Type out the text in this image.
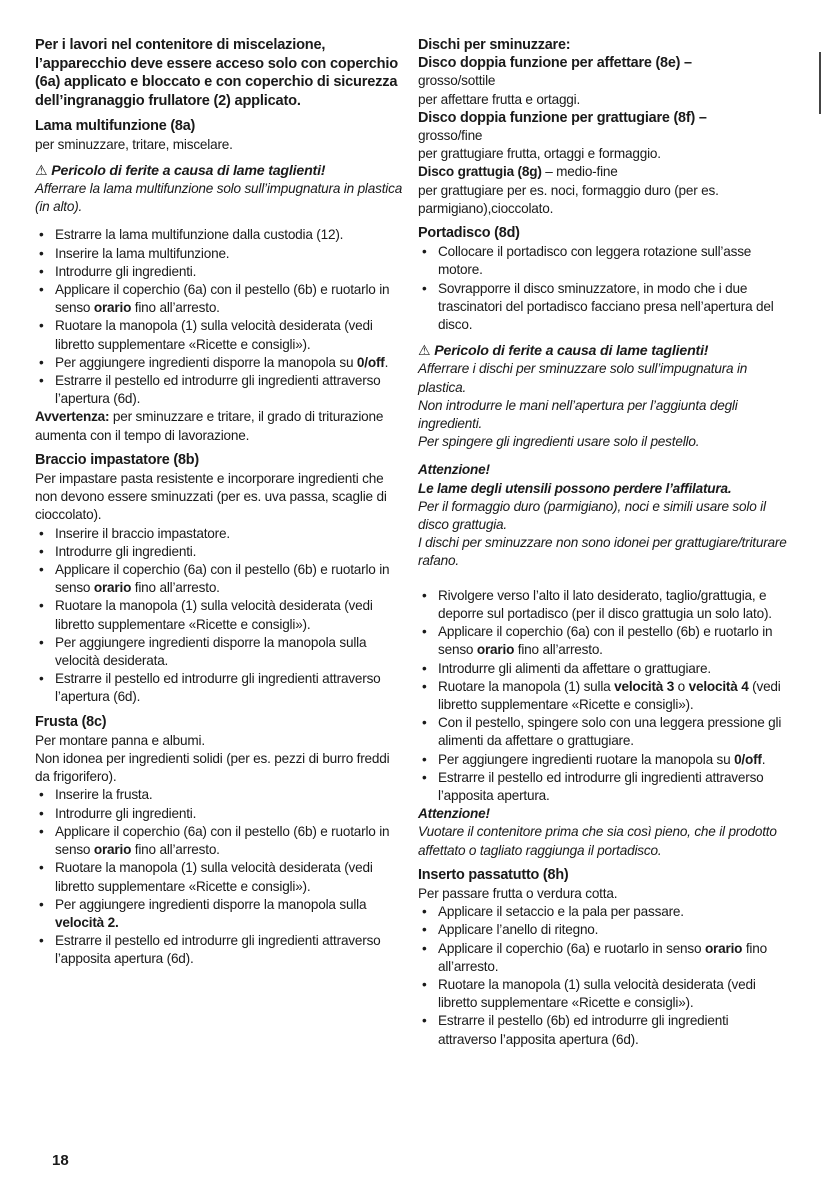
Per i lavori nel contenitore di miscelazione, l’apparecchio deve essere acceso solo con coperchio (6a) applicato e bloccato e con coperchio di sicurezza dell’ingranaggio frullatore (2) applicato.

Lama multifunzione (8a)

per sminuzzare, tritare, miscelare.

⚠ Pericolo di ferite a causa di lame taglienti!

Afferrare la lama multifunzione solo sull’impugnatura in plastica (in alto).

• Estrarre la lama multifunzione dalla custodia (12).
• Inserire la lama multifunzione.
• Introdurre gli ingredienti.
• Applicare il coperchio (6a) con il pestello (6b) e ruotarlo in senso orario fino all’arresto.
• Ruotare la manopola (1) sulla velocità desiderata (vedi libretto supplementare «Ricette e consigli»).
• Per aggiungere ingredienti disporre la manopola su 0/off.
• Estrarre il pestello ed introdurre gli ingredienti attraverso l’apertura (6d).

Avvertenza: per sminuzzare e tritare, il grado di triturazione aumenta con il tempo di lavorazione.

Braccio impastatore (8b)

Per impastare pasta resistente e incorporare ingredienti che non devono essere sminuzzati (per es. uva passa, scaglie di cioccolato).

• Inserire il braccio impastatore.
• Introdurre gli ingredienti.
• Applicare il coperchio (6a) con il pestello (6b) e ruotarlo in senso orario fino all’arresto.
• Ruotare la manopola (1) sulla velocità desiderata (vedi libretto supplementare «Ricette e consigli»).
• Per aggiungere ingredienti disporre la manopola sulla velocità desiderata.
• Estrarre il pestello ed introdurre gli ingredienti attraverso l’apertura (6d).

Frusta (8c)

Per montare panna e albumi.

Non idonea per ingredienti solidi (per es. pezzi di burro freddi da frigorifero).

• Inserire la frusta.
• Introdurre gli ingredienti.
• Applicare il coperchio (6a) con il pestello (6b) e ruotarlo in senso orario fino all’arresto.
• Ruotare la manopola (1) sulla velocità desiderata (vedi libretto supplementare «Ricette e consigli»).
• Per aggiungere ingredienti disporre la manopola sulla velocità 2.
• Estrarre il pestello ed introdurre gli ingredienti attraverso l’apposita apertura (6d).

Dischi per sminuzzare:

Disco doppia funzione per affettare (8e) –

grosso/sottile

per affettare frutta e ortaggi.

Disco doppia funzione per grattugiare (8f) –

grosso/fine

per grattugiare frutta, ortaggi e formaggio.

Disco grattugia (8g) – medio-fine

per grattugiare per es. noci, formaggio duro (per es. parmigiano),cioccolato.

Portadisco (8d)

• Collocare il portadisco con leggera rotazione sull’asse motore.
• Sovrapporre il disco sminuzzatore, in modo che i due trascinatori del portadisco facciano presa nell’apertura del disco.

⚠ Pericolo di ferite a causa di lame taglienti!

Afferrare i dischi per sminuzzare solo sull’impugnatura in plastica.

Non introdurre le mani nell’apertura per l’aggiunta degli ingredienti.

Per spingere gli ingredienti usare solo il pestello.

Attenzione!

Le lame degli utensili possono perdere l’affilatura.

Per il formaggio duro (parmigiano), noci e simili usare solo il disco grattugia.

I dischi per sminuzzare non sono idonei per grattugiare/triturare rafano.

• Rivolgere verso l’alto il lato desiderato, taglio/grattugia, e deporre sul portadisco (per il disco grattugia un solo lato).
• Applicare il coperchio (6a) con il pestello (6b) e ruotarlo in senso orario fino all’arresto.
• Introdurre gli alimenti da affettare o grattugiare.
• Ruotare la manopola (1) sulla velocità 3 o velocità 4 (vedi libretto supplementare «Ricette e consigli»).
• Con il pestello, spingere solo con una leggera pressione gli alimenti da affettare o grattugiare.
• Per aggiungere ingredienti ruotare la manopola su 0/off.
• Estrarre il pestello ed introdurre gli ingredienti attraverso l’apposita apertura.

Attenzione!

Vuotare il contenitore prima che sia così pieno, che il prodotto affettato o tagliato raggiunga il portadisco.

Inserto passatutto (8h)

Per passare frutta o verdura cotta.

• Applicare il setaccio e la pala per passare.
• Applicare l’anello di ritegno.
• Applicare il coperchio (6a) e ruotarlo in senso orario fino all’arresto.
• Ruotare la manopola (1) sulla velocità desiderata (vedi libretto supplementare «Ricette e consigli»).
• Estrarre il pestello (6b) ed introdurre gli ingredienti attraverso l’apposita apertura (6d).
18
